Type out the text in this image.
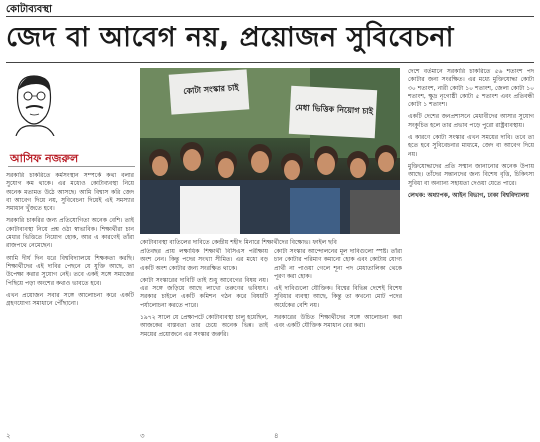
কোটাব্যবস্থা
জেদ বা আবেগ নয়, প্রয়োজন সুবিবেচনা
আসিফ নজরুল

সরকারি চাকরিতে কর্মসংস্থান সম্পর্কে কথা বলার সুযোগ কম থাকে। এর মধ্যেও কোটাব্যবস্থা নিয়ে অনেক মতামত উঠে আসছে। আমি বিশ্বাস করি জেদ বা আবেগ দিয়ে নয়, সুবিবেচনা দিয়েই এই সমস্যার সমাধান খুঁজতে হবে।

সরকারি চাকরির জন্য প্রতিযোগিতা অনেক বেশি। তাই কোটাব্যবস্থা নিয়ে প্রশ্ন ওঠা স্বাভাবিক। শিক্ষার্থীরা চান মেধার ভিত্তিতে নিয়োগ হোক, আর এ কারণেই তাঁরা রাজপথে নেমেছেন।

আমি দীর্ঘ দিন ধরে বিশ্ববিদ্যালয়ে শিক্ষকতা করছি। শিক্ষার্থীদের এই দাবির পেছনে যে যুক্তি আছে, তা উপেক্ষা করার সুযোগ নেই। তবে একই সঙ্গে সমাজের পিছিয়ে পড়া অংশের কথাও ভাবতে হবে।

এখন প্রয়োজন সবার সঙ্গে আলোচনা করে একটি গ্রহণযোগ্য সমাধানে পৌঁছানো।

কোটা সংস্কার চাই
মেধা ভিত্তিক নিয়োগ চাই
কোটাব্যবস্থা বাতিলের দাবিতে কেন্দ্রীয় শহীদ মিনারে শিক্ষার্থীদের বিক্ষোভ। ফাইল ছবি

প্রতিবছর প্রায় লক্ষাধিক শিক্ষার্থী বিসিএস পরীক্ষায় অংশ নেন। কিন্তু পদের সংখ্যা সীমিত। এর মধ্যে বড় একটি অংশ কোটার জন্য সংরক্ষিত থাকে।

কোটা সংস্কারের দাবিটি তাই শুধু আবেগের বিষয় নয়। এর সঙ্গে জড়িয়ে আছে লাখো তরুণের ভবিষ্যৎ। সরকার চাইলে একটি কমিশন গঠন করে বিষয়টি পর্যালোচনা করতে পারে।

১৯৭২ সালে যে প্রেক্ষাপটে কোটাব্যবস্থা চালু হয়েছিল, আজকের বাস্তবতা তার চেয়ে অনেক ভিন্ন। তাই সময়ের প্রয়োজনে এর সংস্কার জরুরি।

কোটা সংস্কার আন্দোলনের মূল দাবিগুলো স্পষ্ট। তাঁরা চান কোটার পরিমাণ কমানো হোক এবং কোটায় যোগ্য প্রার্থী না পাওয়া গেলে শূন্য পদ মেধাতালিকা থেকে পূরণ করা হোক।

এই দাবিগুলো যৌক্তিক। বিশ্বের বিভিন্ন দেশেই বিশেষ সুবিধার ব্যবস্থা আছে, কিন্তু তা কখনো মোট পদের অর্ধেকের বেশি নয়।

সরকারের উচিত শিক্ষার্থীদের সঙ্গে আলোচনা করা এবং একটি যৌক্তিক সমাধান বের করা।

দেশে বর্তমানে সরকারি চাকরিতে ৫৬ শতাংশ পদ কোটার জন্য সংরক্ষিত। এর মধ্যে মুক্তিযোদ্ধা কোটা ৩০ শতাংশ, নারী কোটা ১০ শতাংশ, জেলা কোটা ১০ শতাংশ, ক্ষুদ্র নৃগোষ্ঠী কোটা ৫ শতাংশ এবং প্রতিবন্ধী কোটা ১ শতাংশ।

একটি দেশের জনপ্রশাসনে মেধাবীদের আসার সুযোগ সংকুচিত হলে তার প্রভাব পড়ে পুরো রাষ্ট্রব্যবস্থায়।

এ কারণে কোটা সংস্কার এখন সময়ের দাবি। তবে তা হতে হবে সুবিবেচনার মাধ্যমে, জেদ বা আবেগ দিয়ে নয়।

মুক্তিযোদ্ধাদের প্রতি সম্মান জানানোর অনেক উপায় আছে। তাঁদের সন্তানদের জন্য বিশেষ বৃত্তি, চিকিৎসা সুবিধা বা অন্যান্য সহায়তা দেওয়া যেতে পারে।

লেখক: অধ্যাপক, আইন বিভাগ, ঢাকা বিশ্ববিদ্যালয়

২	৩	৪
